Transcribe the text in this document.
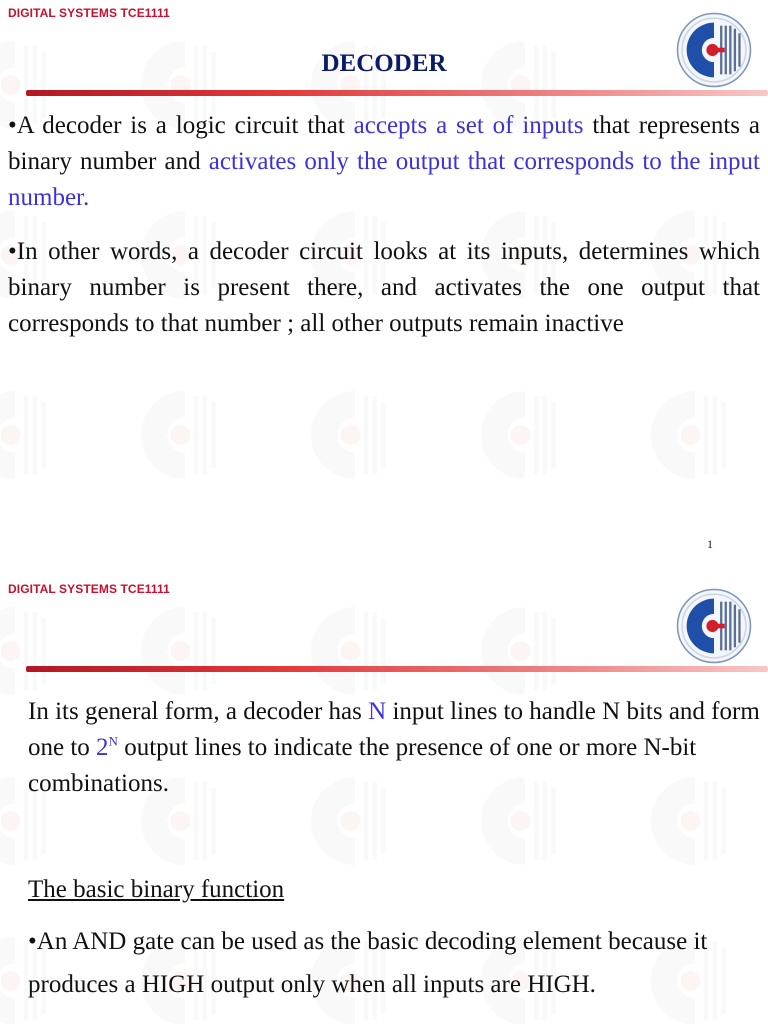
DIGITAL SYSTEMS TCE1111
DECODER

•A decoder is a logic circuit that accepts a set of inputs that represents a binary number and activates only the output that corresponds to the input number.

•In other words, a decoder circuit looks at its inputs, determines which binary number is present there, and activates the one output that corresponds to that number ; all other outputs remain inactive

1
DIGITAL SYSTEMS TCE1111

In its general form, a decoder has N input lines to handle N bits and form one to $2^N$ output lines to indicate the presence of one or more N-bit combinations.

The basic binary function

•An AND gate can be used as the basic decoding element because it produces a HIGH output only when all inputs are HIGH.
